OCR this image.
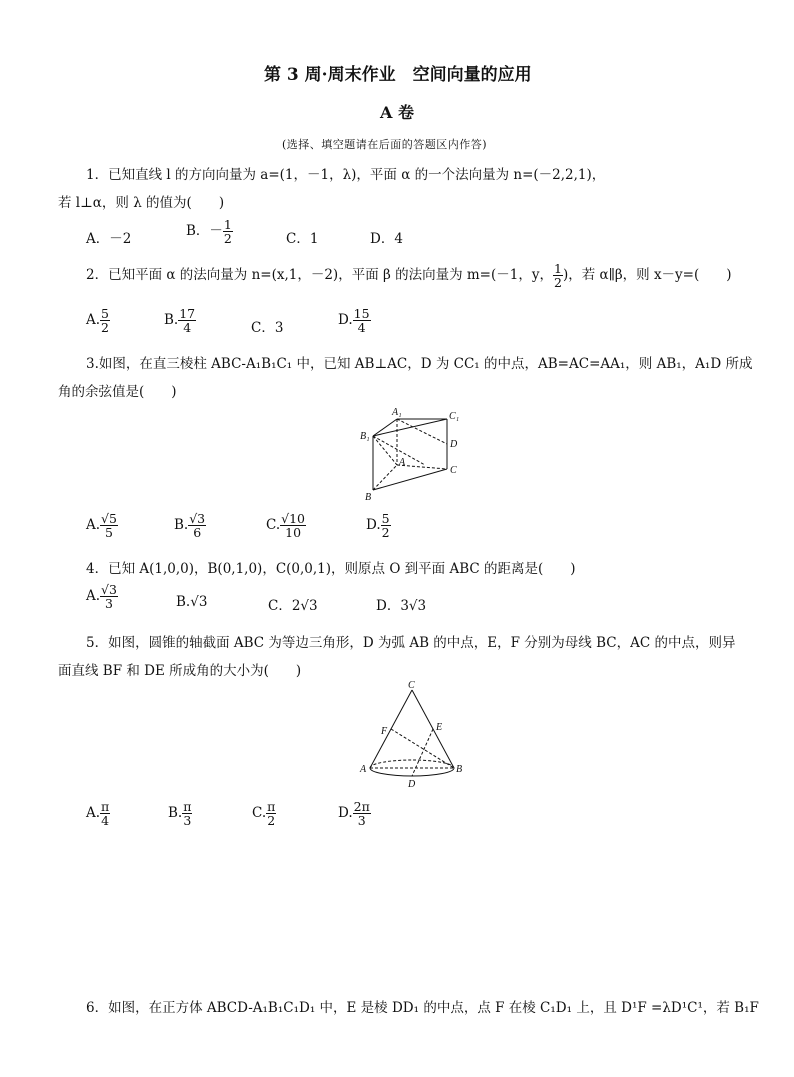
第 3 周·周末作业　空间向量的应用
A 卷
(选择、填空题请在后面的答题区内作答)
1．已知直线 l 的方向向量为 a=(1，－1，λ)，平面 α 的一个法向量为 n=(－2,2,1)，
若 l⊥α，则 λ 的值为(　　)
A．－2	B．－ $\frac{1}{2}$	C．1	D．4
2．已知平面 α 的法向量为 n=(x,1，－2)，平面 β 的法向量为 m=(－1，y， $\frac{1}{2}$ )，若 α∥β，则 x－y=(　　)
A. $\frac{5}{2}$	B. $\frac{17}{4}$	C．3	D. $\frac{15}{4}$
3.如图，在直三棱柱 ABC-A₁B₁C₁ 中，已知 AB⊥AC，D 为 CC₁ 的中点，AB=AC=AA₁，则 AB₁，A₁D 所成
角的余弦值是(　　)
A₁	C₁
B₁
D
A
C
B
A. $\frac{√5}{5}$	B. $\frac{√3}{6}$	C. $\frac{√10}{10}$	D. $\frac{5}{2}$
4．已知 A(1,0,0)，B(0,1,0)，C(0,0,1)，则原点 O 到平面 ABC 的距离是(　　)
A. $\frac{√3}{3}$	B.√3	C．2√3	D．3√3
5．如图，圆锥的轴截面 ABC 为等边三角形，D 为弧 AB 的中点，E，F 分别为母线 BC，AC 的中点，则异
面直线 BF 和 DE 所成角的大小为(　　)
C
E
F
A	B
D
A. $\frac{\pi}{4}$	B. $\frac{\pi}{3}$	C. $\frac{\pi}{2}$	D. $\frac{2\pi}{3}$
6．如图，在正方体 ABCD-A₁B₁C₁D₁ 中，E 是棱 DD₁ 的中点，点 F 在棱 C₁D₁ 上，且 D¹F =λD¹C¹，若 B₁F
